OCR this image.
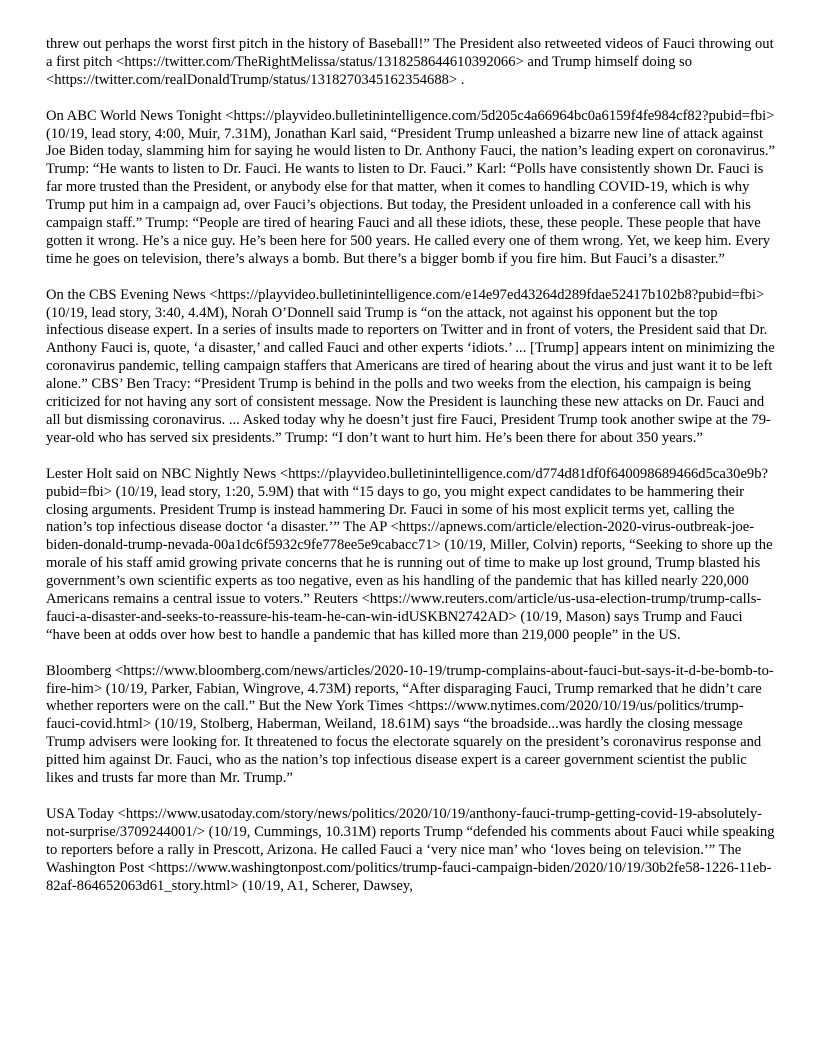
threw out perhaps the worst first pitch in the history of Baseball!” The President also retweeted videos of Fauci throwing out a first pitch <https://twitter.com/TheRightMelissa/status/1318258644610392066> and Trump himself doing so <https://twitter.com/realDonaldTrump/status/1318270345162354688> .

On ABC World News Tonight <https://playvideo.bulletinintelligence.com/5d205c4a66964bc0a6159f4fe984cf82?pubid=fbi> (10/19, lead story, 4:00, Muir, 7.31M), Jonathan Karl said, “President Trump unleashed a bizarre new line of attack against Joe Biden today, slamming him for saying he would listen to Dr. Anthony Fauci, the nation’s leading expert on coronavirus.” Trump: “He wants to listen to Dr. Fauci. He wants to listen to Dr. Fauci.” Karl: “Polls have consistently shown Dr. Fauci is far more trusted than the President, or anybody else for that matter, when it comes to handling COVID-19, which is why Trump put him in a campaign ad, over Fauci’s objections. But today, the President unloaded in a conference call with his campaign staff.” Trump: “People are tired of hearing Fauci and all these idiots, these, these people. These people that have gotten it wrong. He’s a nice guy. He’s been here for 500 years. He called every one of them wrong. Yet, we keep him. Every time he goes on television, there’s always a bomb. But there’s a bigger bomb if you fire him. But Fauci’s a disaster.”

On the CBS Evening News <https://playvideo.bulletinintelligence.com/e14e97ed43264d289fdae52417b102b8?pubid=fbi> (10/19, lead story, 3:40, 4.4M), Norah O’Donnell said Trump is “on the attack, not against his opponent but the top infectious disease expert. In a series of insults made to reporters on Twitter and in front of voters, the President said that Dr. Anthony Fauci is, quote, ‘a disaster,’ and called Fauci and other experts ‘idiots.’ ... [Trump] appears intent on minimizing the coronavirus pandemic, telling campaign staffers that Americans are tired of hearing about the virus and just want it to be left alone.” CBS’ Ben Tracy: “President Trump is behind in the polls and two weeks from the election, his campaign is being criticized for not having any sort of consistent message. Now the President is launching these new attacks on Dr. Fauci and all but dismissing coronavirus. ... Asked today why he doesn’t just fire Fauci, President Trump took another swipe at the 79-year-old who has served six presidents.” Trump: “I don’t want to hurt him. He’s been there for about 350 years.”

Lester Holt said on NBC Nightly News <https://playvideo.bulletinintelligence.com/d774d81df0f640098689466d5ca30e9b?pubid=fbi> (10/19, lead story, 1:20, 5.9M) that with “15 days to go, you might expect candidates to be hammering their closing arguments. President Trump is instead hammering Dr. Fauci in some of his most explicit terms yet, calling the nation’s top infectious disease doctor ‘a disaster.’” The AP <https://apnews.com/article/election-2020-virus-outbreak-joe-biden-donald-trump-nevada-00a1dc6f5932c9fe778ee5e9cabacc71> (10/19, Miller, Colvin) reports, “Seeking to shore up the morale of his staff amid growing private concerns that he is running out of time to make up lost ground, Trump blasted his government’s own scientific experts as too negative, even as his handling of the pandemic that has killed nearly 220,000 Americans remains a central issue to voters.” Reuters <https://www.reuters.com/article/us-usa-election-trump/trump-calls-fauci-a-disaster-and-seeks-to-reassure-his-team-he-can-win-idUSKBN2742AD> (10/19, Mason) says Trump and Fauci “have been at odds over how best to handle a pandemic that has killed more than 219,000 people” in the US.

Bloomberg <https://www.bloomberg.com/news/articles/2020-10-19/trump-complains-about-fauci-but-says-it-d-be-bomb-to-fire-him> (10/19, Parker, Fabian, Wingrove, 4.73M) reports, “After disparaging Fauci, Trump remarked that he didn’t care whether reporters were on the call.” But the New York Times <https://www.nytimes.com/2020/10/19/us/politics/trump-fauci-covid.html> (10/19, Stolberg, Haberman, Weiland, 18.61M) says “the broadside...was hardly the closing message Trump advisers were looking for. It threatened to focus the electorate squarely on the president’s coronavirus response and pitted him against Dr. Fauci, who as the nation’s top infectious disease expert is a career government scientist the public likes and trusts far more than Mr. Trump.”

USA Today <https://www.usatoday.com/story/news/politics/2020/10/19/anthony-fauci-trump-getting-covid-19-absolutely-not-surprise/3709244001/> (10/19, Cummings, 10.31M) reports Trump “defended his comments about Fauci while speaking to reporters before a rally in Prescott, Arizona. He called Fauci a ‘very nice man’ who ‘loves being on television.’” The Washington Post <https://www.washingtonpost.com/politics/trump-fauci-campaign-biden/2020/10/19/30b2fe58-1226-11eb-82af-864652063d61_story.html> (10/19, A1, Scherer, Dawsey,
